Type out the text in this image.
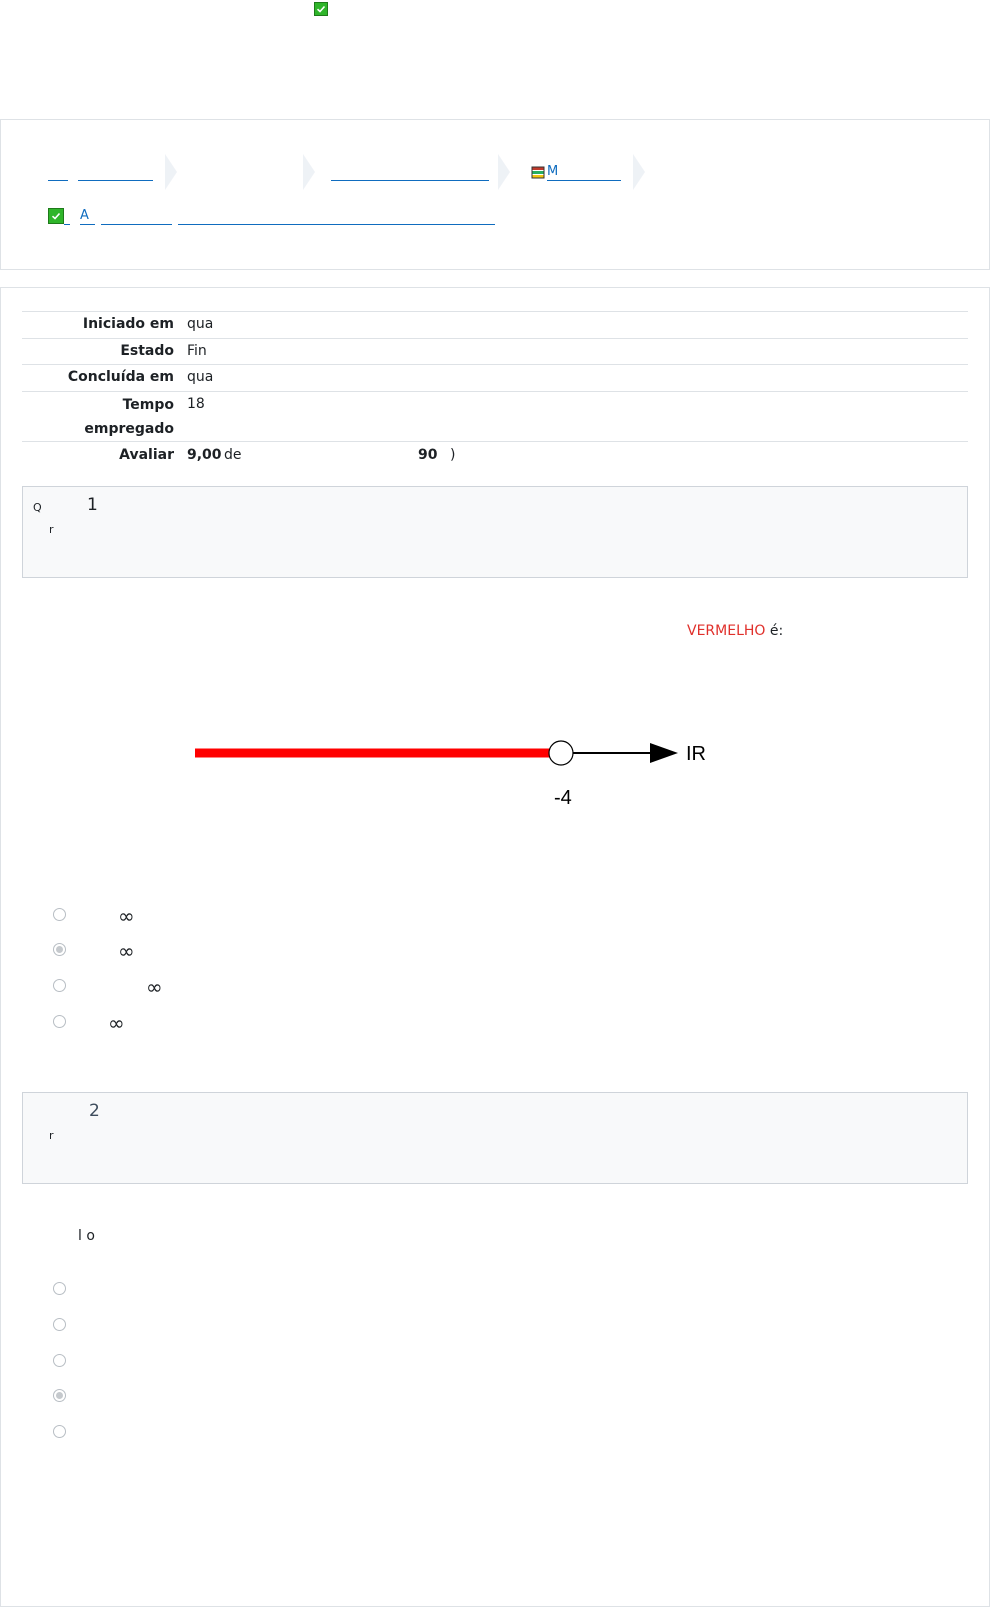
M
A
Iniciado em qua
Estado Fin
Concluída em qua
Tempo empregado
18
Avaliar 9,00 de	90 )
Q	1
r
VERMELHO é:
IR
-4
∞
∞
∞
∞
2
r
l o
